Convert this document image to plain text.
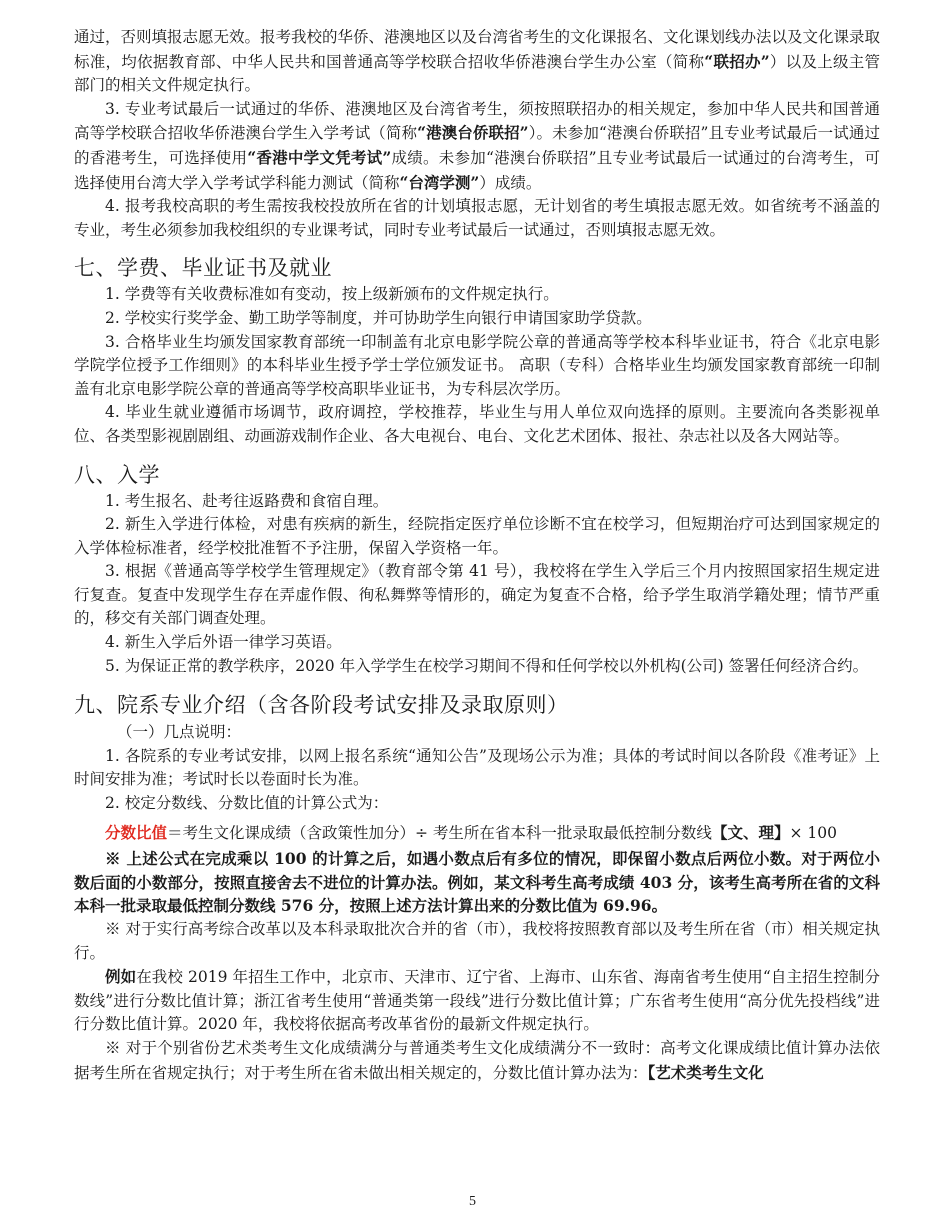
通过，否则填报志愿无效。报考我校的华侨、港澳地区以及台湾省考生的文化课报名、文化课划线办法以及文化课录取标准，均依据教育部、中华人民共和国普通高等学校联合招收华侨港澳台学生办公室（简称“联招办”）以及上级主管部门的相关文件规定执行。

3. 专业考试最后一试通过的华侨、港澳地区及台湾省考生，须按照联招办的相关规定，参加中华人民共和国普通高等学校联合招收华侨港澳台学生入学考试（简称“港澳台侨联招”）。未参加“港澳台侨联招”且专业考试最后一试通过的香港考生，可选择使用“香港中学文凭考试”成绩。未参加“港澳台侨联招”且专业考试最后一试通过的台湾考生，可选择使用台湾大学入学考试学科能力测试（简称“台湾学测”）成绩。

4. 报考我校高职的考生需按我校投放所在省的计划填报志愿，无计划省的考生填报志愿无效。如省统考不涵盖的专业，考生必须参加我校组织的专业课考试，同时专业考试最后一试通过，否则填报志愿无效。

七、学费、毕业证书及就业

1. 学费等有关收费标准如有变动，按上级新颁布的文件规定执行。

2. 学校实行奖学金、勤工助学等制度，并可协助学生向银行申请国家助学贷款。

3. 合格毕业生均颁发国家教育部统一印制盖有北京电影学院公章的普通高等学校本科毕业证书，符合《北京电影学院学位授予工作细则》的本科毕业生授予学士学位颁发证书。 高职（专科）合格毕业生均颁发国家教育部统一印制盖有北京电影学院公章的普通高等学校高职毕业证书，为专科层次学历。

4. 毕业生就业遵循市场调节，政府调控，学校推荐，毕业生与用人单位双向选择的原则。主要流向各类影视单位、各类型影视剧剧组、动画游戏制作企业、各大电视台、电台、文化艺术团体、报社、杂志社以及各大网站等。

八、入学

1. 考生报名、赴考往返路费和食宿自理。

2. 新生入学进行体检，对患有疾病的新生，经院指定医疗单位诊断不宜在校学习，但短期治疗可达到国家规定的入学体检标准者，经学校批准暂不予注册，保留入学资格一年。

3. 根据《普通高等学校学生管理规定》（教育部令第 41 号），我校将在学生入学后三个月内按照国家招生规定进行复查。复查中发现学生存在弄虚作假、徇私舞弊等情形的，确定为复查不合格，给予学生取消学籍处理；情节严重的，移交有关部门调查处理。

4. 新生入学后外语一律学习英语。

5. 为保证正常的教学秩序，2020 年入学学生在校学习期间不得和任何学校以外机构(公司) 签署任何经济合约。

九、院系专业介绍（含各阶段考试安排及录取原则）

（一）几点说明：

1. 各院系的专业考试安排，以网上报名系统“通知公告”及现场公示为准；具体的考试时间以各阶段《准考证》上时间安排为准；考试时长以卷面时长为准。

2. 校定分数线、分数比值的计算公式为：

分数比值＝考生文化课成绩（含政策性加分）÷ 考生所在省本科一批录取最低控制分数线【文、理】× 100

※ 上述公式在完成乘以 100 的计算之后，如遇小数点后有多位的情况，即保留小数点后两位小数。对于两位小数后面的小数部分，按照直接舍去不进位的计算办法。例如，某文科考生高考成绩 403 分，该考生高考所在省的文科本科一批录取最低控制分数线 576 分，按照上述方法计算出来的分数比值为 69.96。

※ 对于实行高考综合改革以及本科录取批次合并的省（市），我校将按照教育部以及考生所在省（市）相关规定执行。

例如在我校 2019 年招生工作中，北京市、天津市、辽宁省、上海市、山东省、海南省考生使用“自主招生控制分数线”进行分数比值计算；浙江省考生使用“普通类第一段线”进行分数比值计算；广东省考生使用“高分优先投档线”进行分数比值计算。2020 年，我校将依据高考改革省份的最新文件规定执行。

※ 对于个别省份艺术类考生文化成绩满分与普通类考生文化成绩满分不一致时：高考文化课成绩比值计算办法依据考生所在省规定执行；对于考生所在省未做出相关规定的，分数比值计算办法为：【艺术类考生文化

5
